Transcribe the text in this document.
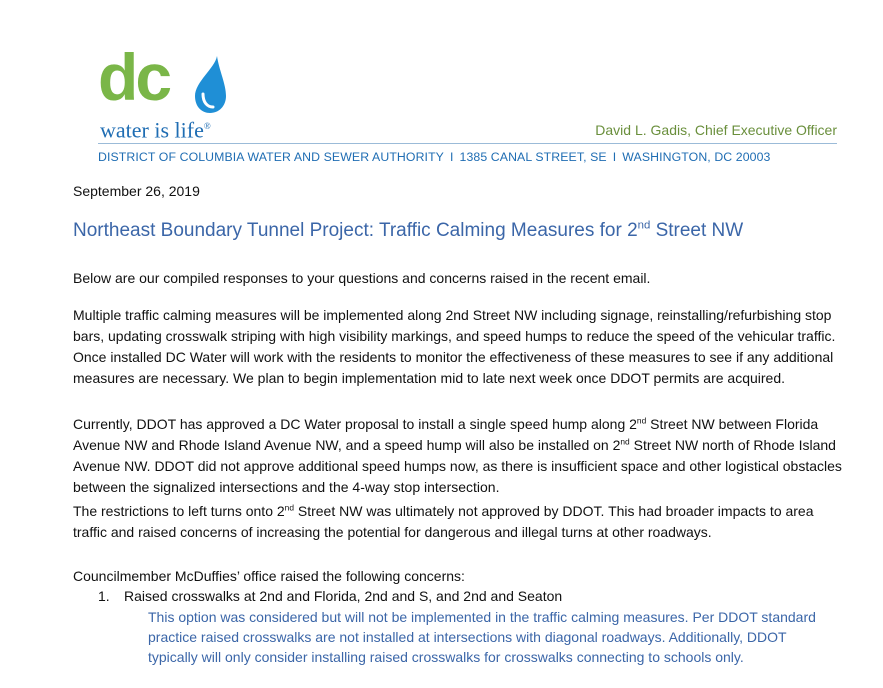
dc
water is life®	David L. Gadis, Chief Executive Officer
DISTRICT OF COLUMBIA WATER AND SEWER AUTHORITY I 1385 CANAL STREET, SE I WASHINGTON, DC 20003
September 26, 2019
Northeast Boundary Tunnel Project: Traffic Calming Measures for 2nd Street NW
Below are our compiled responses to your questions and concerns raised in the recent email.
Multiple traffic calming measures will be implemented along 2nd Street NW including signage, reinstalling/refurbishing stop bars, updating crosswalk striping with high visibility markings, and speed humps to reduce the speed of the vehicular traffic. Once installed DC Water will work with the residents to monitor the effectiveness of these measures to see if any additional measures are necessary. We plan to begin implementation mid to late next week once DDOT permits are acquired.
Currently, DDOT has approved a DC Water proposal to install a single speed hump along 2nd Street NW between Florida Avenue NW and Rhode Island Avenue NW, and a speed hump will also be installed on 2nd Street NW north of Rhode Island Avenue NW. DDOT did not approve additional speed humps now, as there is insufficient space and other logistical obstacles between the signalized intersections and the 4-way stop intersection.
The restrictions to left turns onto 2nd Street NW was ultimately not approved by DDOT. This had broader impacts to area traffic and raised concerns of increasing the potential for dangerous and illegal turns at other roadways.
Councilmember McDuffies’ office raised the following concerns:
1. Raised crosswalks at 2nd and Florida, 2nd and S, and 2nd and Seaton
This option was considered but will not be implemented in the traffic calming measures. Per DDOT standard practice raised crosswalks are not installed at intersections with diagonal roadways. Additionally, DDOT typically will only consider installing raised crosswalks for crosswalks connecting to schools only.
